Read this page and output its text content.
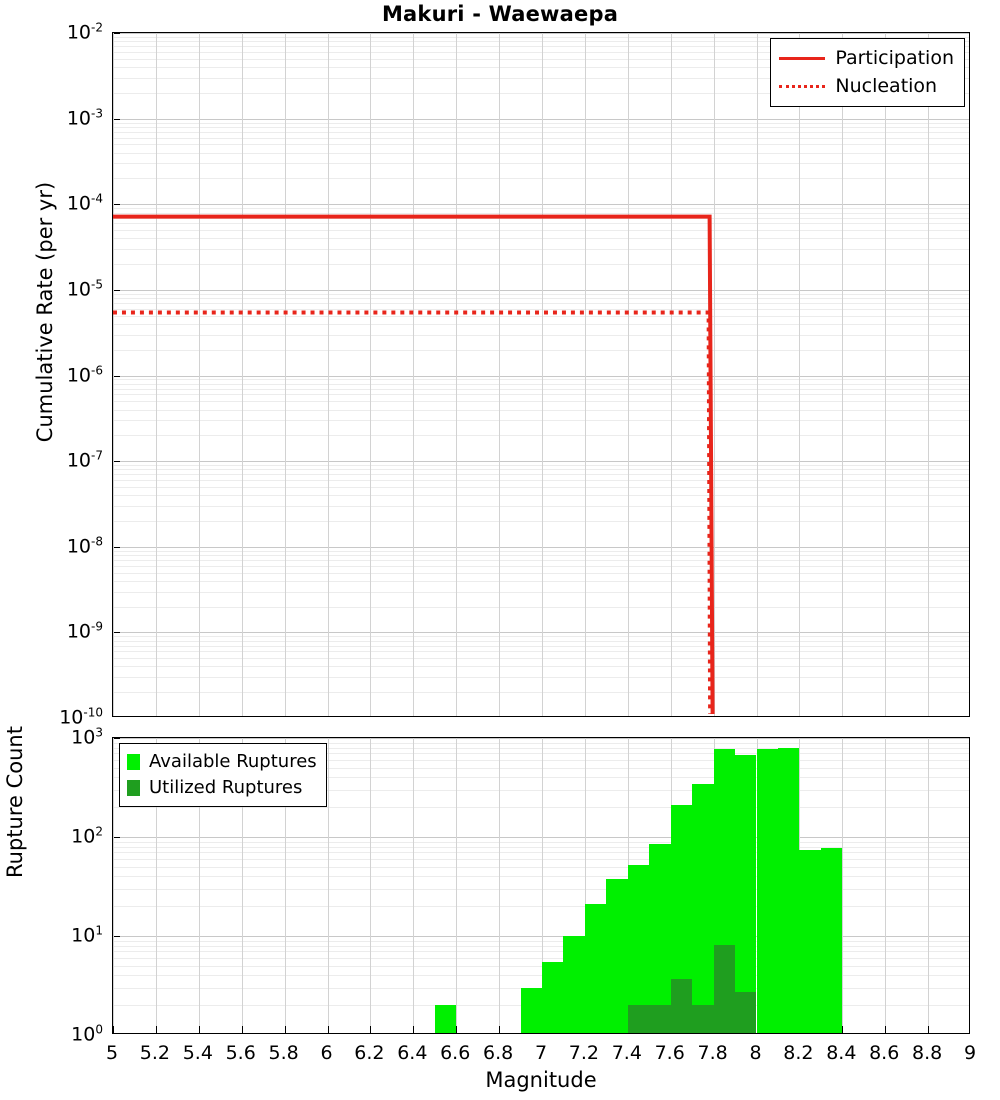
Makuri - Waewaepa
Participation
Nucleation
Cumulative Rate (per yr)
$10^{-2}$
$10^{-3}$
$10^{-4}$
$10^{-5}$
$10^{-6}$
$10^{-7}$
$10^{-8}$
$10^{-9}$
$10^{-10}$
Available Ruptures
Utilized Ruptures
Rupture Count $10^3$
$10^2$
$10^1$
$10^0$
5 5.2 5.4 5.6 5.8 6 6.2 6.4 6.6 6.8 7 7.2 7.4 7.6 7.8 8 8.2 8.4 8.6 8.8 9
Magnitude
